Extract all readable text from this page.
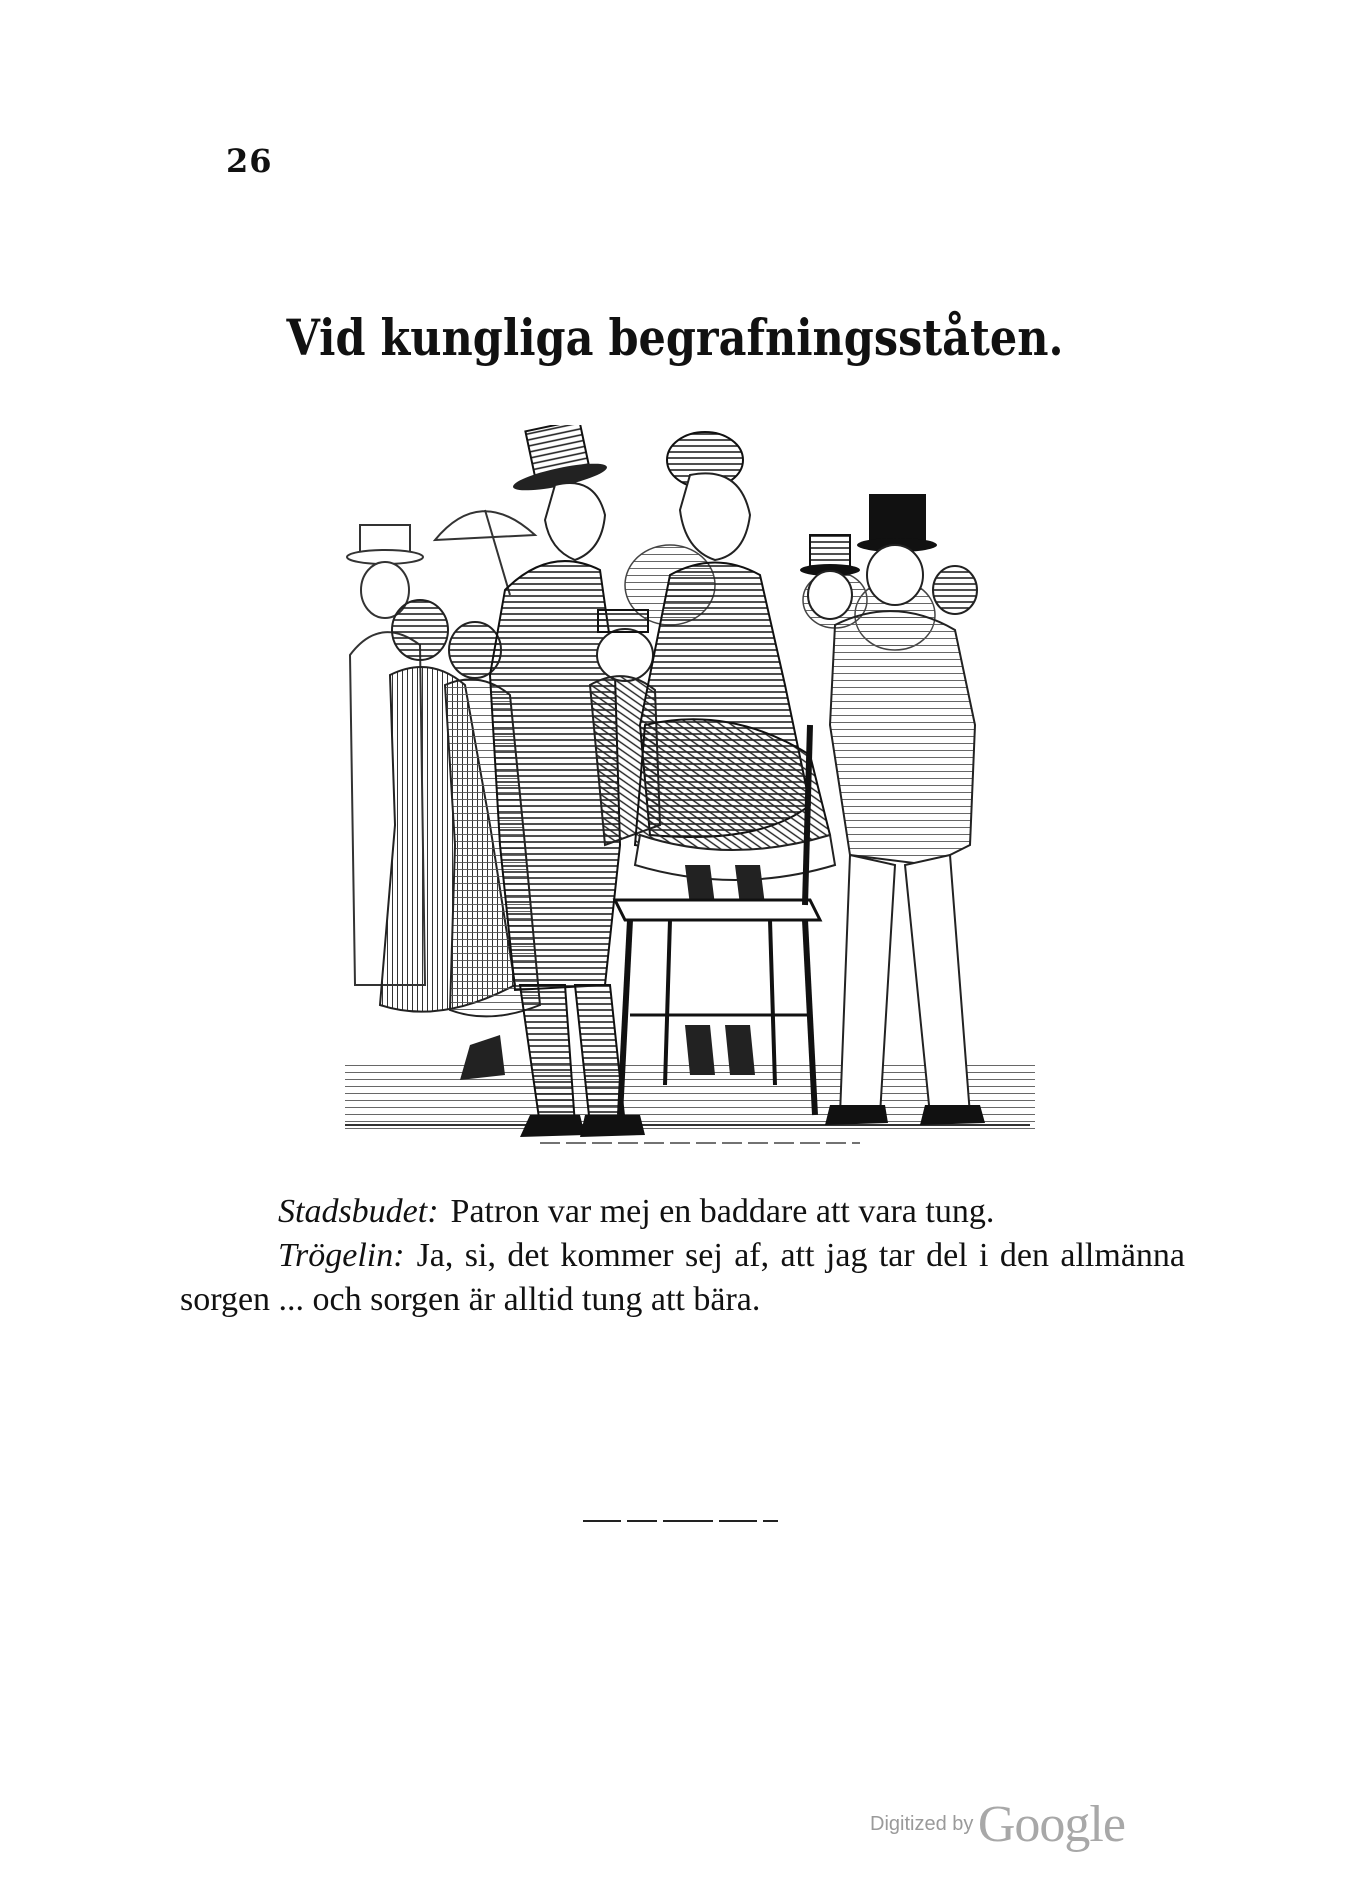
26
Vid kungliga begrafningsståten.

Stadsbudet: Patron var mej en baddare att vara tung.

Trögelin: Ja, si, det kommer sej af, att jag tar del i den allmänna sorgen ... och sorgen är alltid tung att bära.

Digitized by Google
